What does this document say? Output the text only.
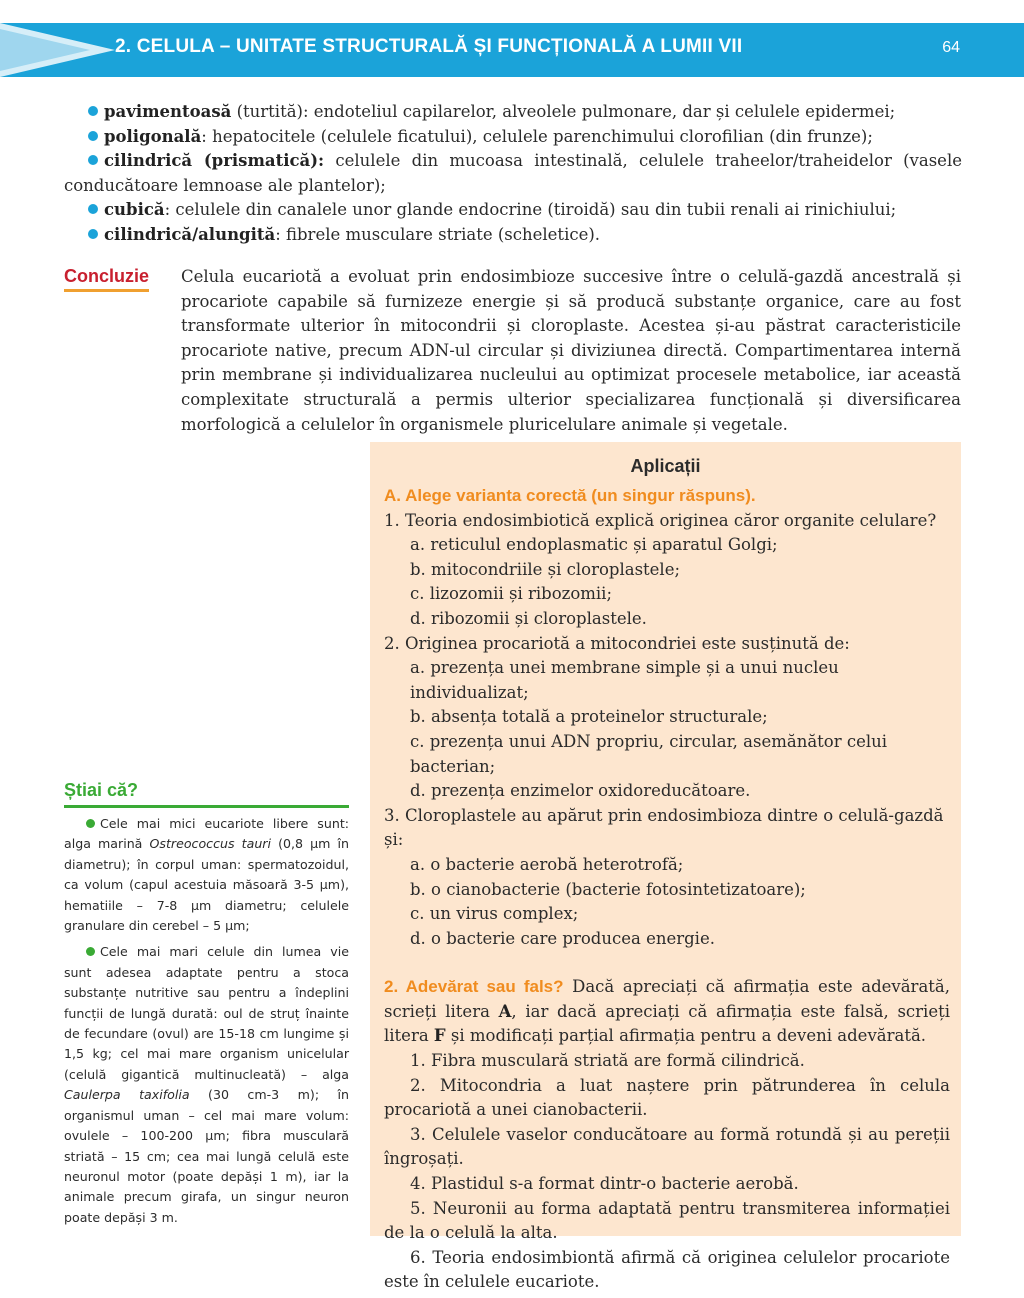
2. CELULA – UNITATE STRUCTURALĂ ȘI FUNCȚIONALĂ A LUMII VII	64

pavimentoasă (turtită): endoteliul capilarelor, alveolele pulmonare, dar și celulele epidermei;

poligonală: hepatocitele (celulele ficatului), celulele parenchimului clorofilian (din frunze);

cilindrică (prismatică): celulele din mucoasa intestinală, celulele traheelor/traheidelor (vasele conducătoare lemnoase ale plantelor);

cubică: celulele din canalele unor glande endocrine (tiroidă) sau din tubii renali ai rinichiului;

cilindrică/alungită: fibrele musculare striate (scheletice).

Concluzie Celula eucariotă a evoluat prin endosimbioze succesive între o celulă-gazdă ancestrală și procariote capabile să furnizeze energie și să producă substanțe organice, care au fost transformate ulterior în mitocondrii și cloroplaste. Acestea și-au păstrat caracteristicile procariote native, precum ADN-ul circular și diviziunea directă. Compartimentarea internă prin membrane și individualizarea nucleului au optimizat procesele metabolice, iar această complexitate structurală a permis ulterior specializarea funcțională și diversificarea morfologică a celulelor în organismele pluricelulare animale și vegetale.

Știai că?

Cele mai mici eucariote libere sunt: alga marină Ostreococcus tauri (0,8 µm în diametru); în corpul uman: spermatozoidul, ca volum (capul acestuia măsoară 3-5 µm), hematiile – 7-8 µm diametru; celulele granulare din cerebel – 5 µm;

Cele mai mari celule din lumea vie sunt adesea adaptate pentru a stoca substanțe nutritive sau pentru a îndeplini funcții de lungă durată: oul de struț înainte de fecundare (ovul) are 15-18 cm lungime și 1,5 kg; cel mai mare organism unicelular (celulă gigantică multinucleată) – alga Caulerpa taxifolia (30 cm-3 m); în organismul uman – cel mai mare volum: ovulele – 100-200 µm; fibra musculară striată – 15 cm; cea mai lungă celulă este neuronul motor (poate depăși 1 m), iar la animale precum girafa, un singur neuron poate depăși 3 m.

Aplicații

A. Alege varianta corectă (un singur răspuns).

1. Teoria endosimbiotică explică originea căror organite celulare?

a. reticulul endoplasmatic și aparatul Golgi;

b. mitocondriile și cloroplastele;

c. lizozomii și ribozomii;

d. ribozomii și cloroplastele.

2. Originea procariotă a mitocondriei este susținută de:

a. prezența unei membrane simple și a unui nucleu individualizat;

b. absența totală a proteinelor structurale;

c. prezența unui ADN propriu, circular, asemănător celui bacterian;

d. prezența enzimelor oxidoreducătoare.

3. Cloroplastele au apărut prin endosimbioza dintre o celulă-gazdă și:

a. o bacterie aerobă heterotrofă;

b. o cianobacterie (bacterie fotosintetizatoare);

c. un virus complex;

d. o bacterie care producea energie.

2. Adevărat sau fals? Dacă apreciați că afirmația este adevărată, scrieți litera A, iar dacă apreciați că afirmația este falsă, scrieți litera F și modificați parțial afirmația pentru a deveni adevărată.

1. Fibra musculară striată are formă cilindrică.

2. Mitocondria a luat naștere prin pătrunderea în celula procariotă a unei cianobacterii.

3. Celulele vaselor conducătoare au formă rotundă și au pereții îngroșați.

4. Plastidul s-a format dintr-o bacterie aerobă.

5. Neuronii au forma adaptată pentru transmiterea informației de la o celulă la alta.

6. Teoria endosimbiontă afirmă că originea celulelor procariote este în celulele eucariote.
